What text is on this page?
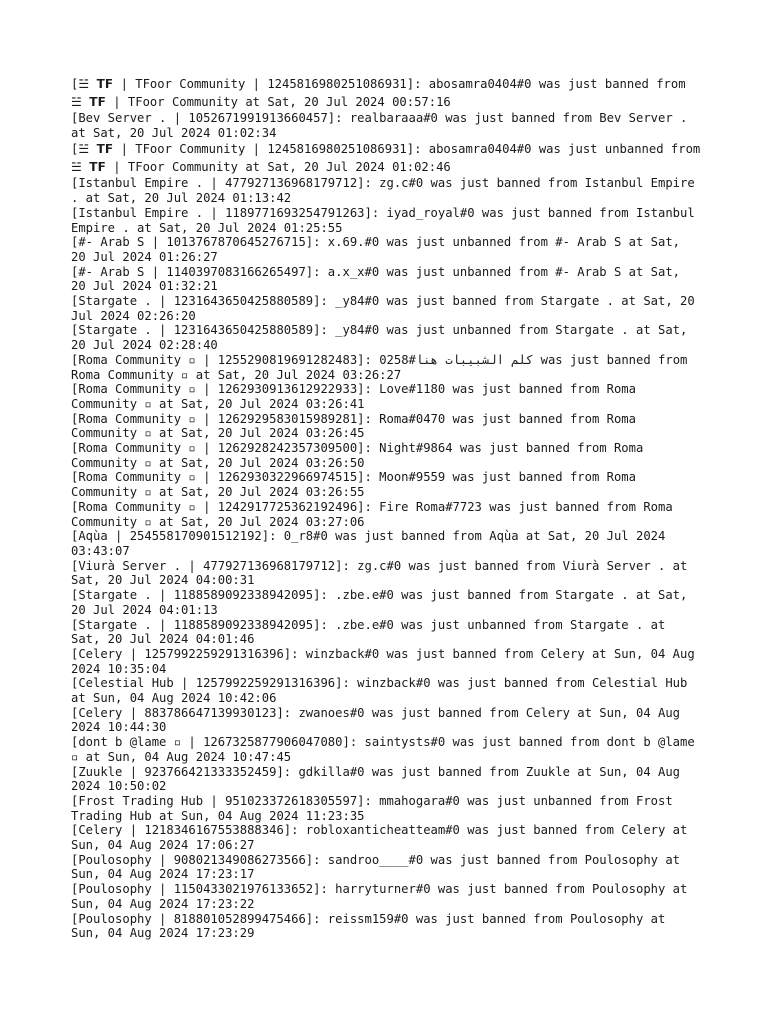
[☱ 𝗧𝗙 | TFoor Community | 1245816980251086931]: abosamra0404#0 was just banned from ☱ 𝗧𝗙 | TFoor Community at Sat, 20 Jul 2024 00:57:16

[Bev Server . | 1052671991913660457]: realbaraaa#0 was just banned from Bev Server . at Sat, 20 Jul 2024 01:02:34

[☱ 𝗧𝗙 | TFoor Community | 1245816980251086931]: abosamra0404#0 was just unbanned from ☱ 𝗧𝗙 | TFoor Community at Sat, 20 Jul 2024 01:02:46

[Istanbul Empire . | 477927136968179712]: zg.c#0 was just banned from Istanbul Empire . at Sat, 20 Jul 2024 01:13:42

[Istanbul Empire . | 1189771693254791263]: iyad_royal#0 was just banned from Istanbul Empire . at Sat, 20 Jul 2024 01:25:55

[#- Arab S | 1013767870645276715]: x.69.#0 was just unbanned from #- Arab S at Sat, 20 Jul 2024 01:26:27

[#- Arab S | 1140397083166265497]: a.x_x#0 was just unbanned from #- Arab S at Sat, 20 Jul 2024 01:32:21

[Stargate . | 1231643650425880589]: _y84#0 was just banned from Stargate . at Sat, 20 Jul 2024 02:26:20

[Stargate . | 1231643650425880589]: _y84#0 was just unbanned from Stargate . at Sat, 20 Jul 2024 02:28:40

[Roma Community ▫ | 1255290819691282483]: كلم الشبيبات هنا#0258 was just banned from Roma Community ▫ at Sat, 20 Jul 2024 03:26:27

[Roma Community ▫ | 1262930913612922933]: Love#1180 was just banned from Roma Community ▫ at Sat, 20 Jul 2024 03:26:41

[Roma Community ▫ | 1262929583015989281]: Roma#0470 was just banned from Roma Community ▫ at Sat, 20 Jul 2024 03:26:45

[Roma Community ▫ | 1262928242357309500]: Night#9864 was just banned from Roma Community ▫ at Sat, 20 Jul 2024 03:26:50

[Roma Community ▫ | 1262930322966974515]: Moon#9559 was just banned from Roma Community ▫ at Sat, 20 Jul 2024 03:26:55

[Roma Community ▫ | 1242917725362192496]: Fire Roma#7723 was just banned from Roma Community ▫ at Sat, 20 Jul 2024 03:27:06

[Aqùa | 254558170901512192]: 0_r8#0 was just banned from Aqùa at Sat, 20 Jul 2024 03:43:07

[Viurà Server . | 477927136968179712]: zg.c#0 was just banned from Viurà Server . at Sat, 20 Jul 2024 04:00:31

[Stargate . | 1188589092338942095]: .zbe.e#0 was just banned from Stargate . at Sat, 20 Jul 2024 04:01:13

[Stargate . | 1188589092338942095]: .zbe.e#0 was just unbanned from Stargate . at Sat, 20 Jul 2024 04:01:46

[Celery | 1257992259291316396]: winzback#0 was just banned from Celery at Sun, 04 Aug 2024 10:35:04

[Celestial Hub | 1257992259291316396]: winzback#0 was just banned from Celestial Hub at Sun, 04 Aug 2024 10:42:06

[Celery | 883786647139930123]: zwanoes#0 was just banned from Celery at Sun, 04 Aug 2024 10:44:30

[dont b @lame ▫ | 1267325877906047080]: saintysts#0 was just banned from dont b @lame ▫ at Sun, 04 Aug 2024 10:47:45

[Zuukle | 923766421333352459]: gdkilla#0 was just banned from Zuukle at Sun, 04 Aug 2024 10:50:02

[Frost Trading Hub | 951023372618305597]: mmahogara#0 was just unbanned from Frost Trading Hub at Sun, 04 Aug 2024 11:23:35

[Celery | 1218346167553888346]: robloxanticheatteam#0 was just banned from Celery at Sun, 04 Aug 2024 17:06:27

[Poulosophy | 908021349086273566]: sandroo____#0 was just banned from Poulosophy at Sun, 04 Aug 2024 17:23:17

[Poulosophy | 1150433021976133652]: harryturner#0 was just banned from Poulosophy at Sun, 04 Aug 2024 17:23:22

[Poulosophy | 818801052899475466]: reissm159#0 was just banned from Poulosophy at Sun, 04 Aug 2024 17:23:29
